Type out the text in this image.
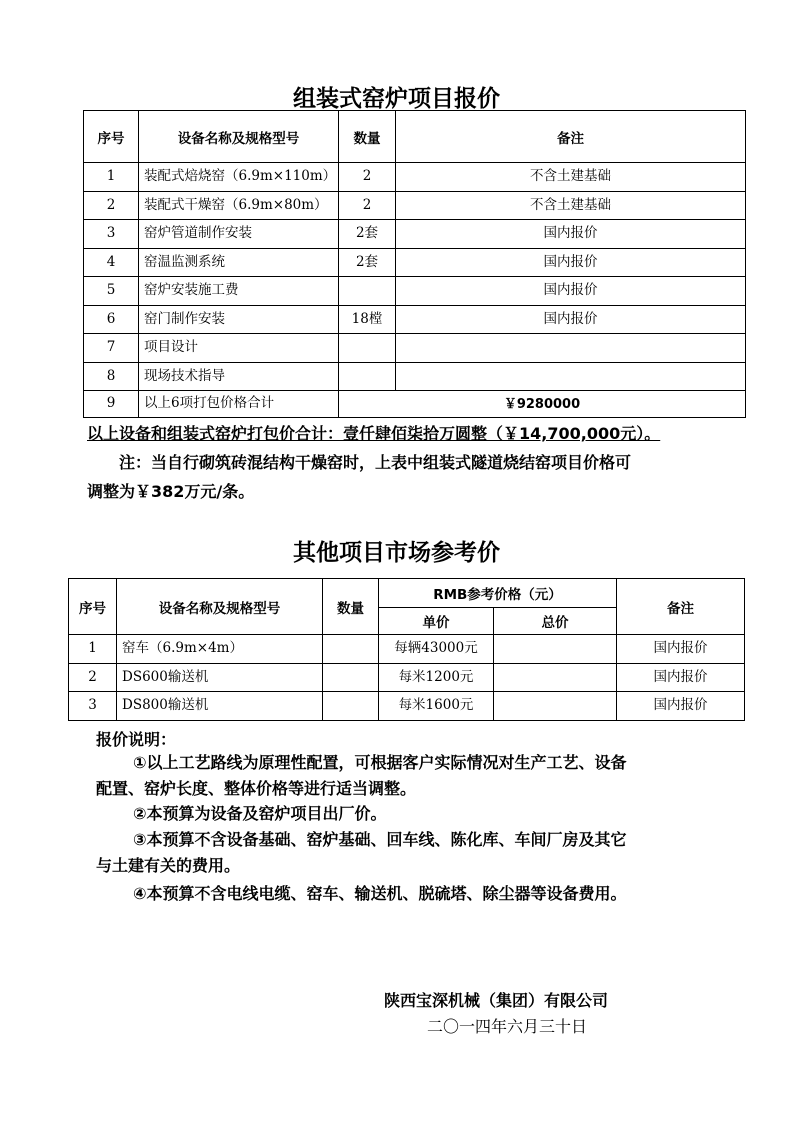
组装式窑炉项目报价
序号	设备名称及规格型号	数量	备注
1	装配式焙烧窑（6.9m×110m）	2	不含土建基础
2	装配式干燥窑（6.9m×80m）	2	不含土建基础
3	窑炉管道制作安装	2套	国内报价
4	窑温监测系统	2套	国内报价
5	窑炉安装施工费		国内报价
6	窑门制作安装	18樘	国内报价
7	项目设计		
8	现场技术指导		
9	以上6项打包价格合计	￥9280000	
以上设备和组装式窑炉打包价合计：壹仟肆佰柒拾万圆整（￥14,700,000元）。
注：当自行砌筑砖混结构干燥窑时，上表中组装式隧道烧结窑项目价格可
调整为￥382万元/条。
其他项目市场参考价
序号	设备名称及规格型号	数量	RMB参考价格（元）		备注
			单价	总价	
1	窑车（6.9m×4m）		每辆43000元		国内报价
2	DS600输送机		每米1200元		国内报价
3	DS800输送机		每米1600元		国内报价
报价说明：
①以上工艺路线为原理性配置，可根据客户实际情况对生产工艺、设备
配置、窑炉长度、整体价格等进行适当调整。
②本预算为设备及窑炉项目出厂价。
③本预算不含设备基础、窑炉基础、回车线、陈化库、车间厂房及其它
与土建有关的费用。
④本预算不含电线电缆、窑车、输送机、脱硫塔、除尘器等设备费用。
陕西宝深机械（集团）有限公司
二〇一四年六月三十日
